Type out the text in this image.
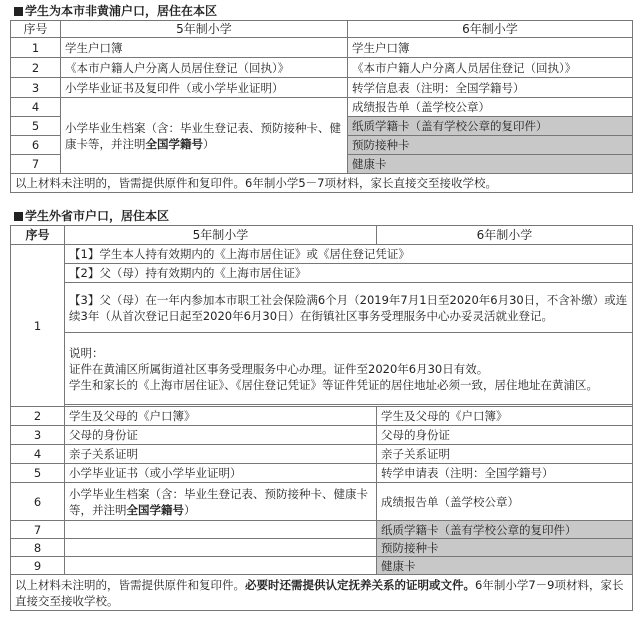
学生为本市非黄浦户口，居住在本区
序号	5年制小学	6年制小学
1	学生户口簿	学生户口簿
2	《本市户籍人户分离人员居住登记（回执）》	《本市户籍人户分离人员居住登记（回执）》
3	小学毕业证书及复印件（或小学毕业证明）	转学信息表（注明：全国学籍号）
4	小学毕业生档案（含：毕业生登记表、预防接种卡、健康卡等，并注明全国学籍号）	成绩报告单（盖学校公章）
5		纸质学籍卡（盖有学校公章的复印件）
6		预防接种卡
7		健康卡
以上材料未注明的，皆需提供原件和复印件。6年制小学5－7项材料，家长直接交至接收学校。		
学生外省市户口，居住本区
序号	5年制小学	6年制小学
1	【1】学生本人持有效期内的《上海市居住证》或《居住登记凭证》	
	【2】父（母）持有效期内的《上海市居住证》	
	【3】父（母）在一年内参加本市职工社会保险满6个月（2019年7月1日至2020年6月30日，不含补缴）或连续3年（从首次登记日起至2020年6月30日）在街镇社区事务受理服务中心办妥灵活就业登记。	
	说明：
证件在黄浦区所属街道社区事务受理服务中心办理。证件至2020年6月30日有效。
学生和家长的《上海市居住证》、《居住登记凭证》等证件凭证的居住地址必须一致，居住地址在黄浦区。	

2	学生及父母的《户口簿》	学生及父母的《户口簿》
3	父母的身份证	父母的身份证
4	亲子关系证明	亲子关系证明
5	小学毕业证书（或小学毕业证明）	转学申请表（注明：全国学籍号）
6	小学毕业生档案（含：毕业生登记表、预防接种卡、健康卡等，并注明全国学籍号）	成绩报告单（盖学校公章）
7		纸质学籍卡（盖有学校公章的复印件）
8		预防接种卡
9		健康卡
以上材料未注明的，皆需提供原件和复印件。必要时还需提供认定抚养关系的证明或文件。6年制小学7－9项材料，家长直接交至接收学校。		
